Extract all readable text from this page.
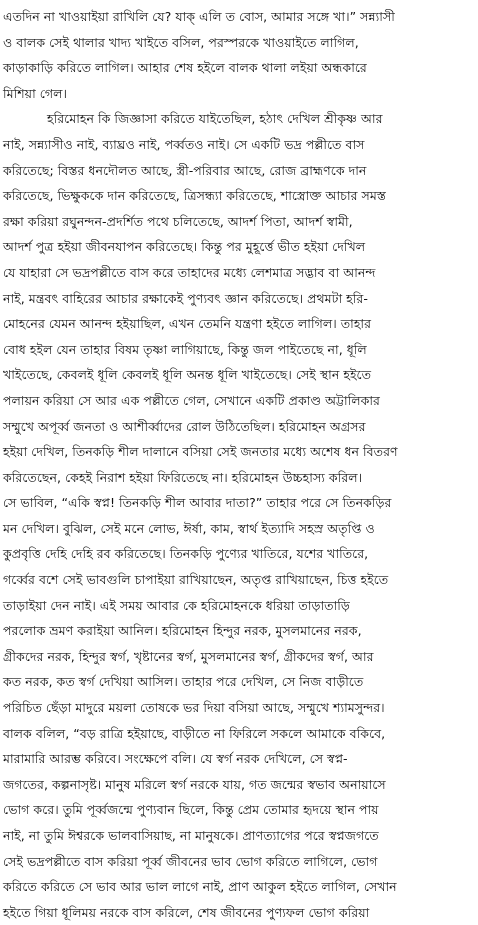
এতদিন না খাওয়াইয়া রাখিলি যে? যাক্ এলি ত বোস, আমার সঙ্গে খা।” সন্ন্যাসী
ও বালক সেই থালার খাদ্য খাইতে বসিল, পরস্পরকে খাওয়াইতে লাগিল,
কাড়াকাড়ি করিতে লাগিল। আহার শেষ হইলে বালক থালা লইয়া অন্ধকারে
মিশিয়া গেল।
হরিমোহন কি জিজ্ঞাসা করিতে যাইতেছিল, হঠাৎ দেখিল শ্রীকৃষ্ণ আর
নাই, সন্ন্যাসীও নাই, ব্যাঘ্রও নাই, পর্ব্বতও নাই। সে একটি ভদ্র পল্লীতে বাস
করিতেছে; বিস্তর ধনদৌলত আছে, স্ত্রী-পরিবার আছে, রোজ ব্রাহ্মণকে দান
করিতেছে, ভিক্ষুককে দান করিতেছে, ত্রিসন্ধ্যা করিতেছে, শাস্ত্রোক্ত আচার সমস্ত
রক্ষা করিয়া রঘুনন্দন-প্রদর্শিত পথে চলিতেছে, আদর্শ পিতা, আদর্শ স্বামী,
আদর্শ পুত্র হইয়া জীবনযাপন করিতেছে। কিন্তু পর মুহূর্ত্তে ভীত হইয়া দেখিল
যে যাহারা সে ভদ্রপল্লীতে বাস করে তাহাদের মধ্যে লেশমাত্র সদ্ভাব বা আনন্দ
নাই, মন্ত্রবৎ বাহিরের আচার রক্ষাকেই পুণ্যবৎ জ্ঞান করিতেছে। প্রথমটা হরি-
মোহনের যেমন আনন্দ হইয়াছিল, এখন তেমনি যন্ত্রণা হইতে লাগিল। তাহার
বোধ হইল যেন তাহার বিষম তৃষ্ণা লাগিয়াছে, কিন্তু জল পাইতেছে না, ধূলি
খাইতেছে, কেবলই ধূলি কেবলই ধূলি অনন্ত ধূলি খাইতেছে। সেই স্থান হইতে
পলায়ন করিয়া সে আর এক পল্লীতে গেল, সেখানে একটি প্রকাণ্ড অট্টালিকার
সম্মুখে অপূর্ব্ব জনতা ও আশীর্ব্বাদের রোল উঠিতেছিল। হরিমোহন অগ্রসর
হইয়া দেখিল, তিনকড়ি শীল দালানে বসিয়া সেই জনতার মধ্যে অশেষ ধন বিতরণ
করিতেছেন, কেহই নিরাশ হইয়া ফিরিতেছে না। হরিমোহন উচ্চহাস্য করিল।
সে ভাবিল, “একি স্বপ্ন! তিনকড়ি শীল আবার দাতা?” তাহার পরে সে তিনকড়ির
মন দেখিল। বুঝিল, সেই মনে লোভ, ঈর্ষা, কাম, স্বার্থ ইত্যাদি সহস্র অতৃপ্তি ও
কুপ্রবৃত্তি দেহি দেহি রব করিতেছে। তিনকড়ি পুণ্যের খাতিরে, যশের খাতিরে,
গর্ব্বের বশে সেই ভাবগুলি চাপাইয়া রাখিয়াছেন, অতৃপ্ত রাখিয়াছেন, চিত্ত হইতে
তাড়াইয়া দেন নাই। এই সময় আবার কে হরিমোহনকে ধরিয়া তাড়াতাড়ি
পরলোক ভ্রমণ করাইয়া আনিল। হরিমোহন হিন্দুর নরক, মুসলমানের নরক,
গ্রীকদের নরক, হিন্দুর স্বর্গ, খৃষ্টানের স্বর্গ, মুসলমানের স্বর্গ, গ্রীকদের স্বর্গ, আর
কত নরক, কত স্বর্গ দেখিয়া আসিল। তাহার পরে দেখিল, সে নিজ বাড়ীতে
পরিচিত ছেঁড়া মাদুরে ময়লা তোষকে ভর দিয়া বসিয়া আছে, সম্মুখে শ্যামসুন্দর।
বালক বলিল, “বড় রাত্রি হইয়াছে, বাড়ীতে না ফিরিলে সকলে আমাকে বকিবে,
মারামারি আরম্ভ করিবে। সংক্ষেপে বলি। যে স্বর্গ নরক দেখিলে, সে স্বপ্ন-
জগতের, কল্পনাসৃষ্ট। মানুষ মরিলে স্বর্গ নরকে যায়, গত জন্মের স্বভাব অনায়াসে
ভোগ করে। তুমি পূর্ব্বজন্মে পুণ্যবান ছিলে, কিন্তু প্রেম তোমার হৃদয়ে স্থান পায়
নাই, না তুমি ঈশ্বরকে ভালবাসিয়াছ, না মানুষকে। প্রাণত্যাগের পরে স্বপ্নজগতে
সেই ভদ্রপল্লীতে বাস করিয়া পূর্ব্ব জীবনের ভাব ভোগ করিতে লাগিলে, ভোগ
করিতে করিতে সে ভাব আর ভাল লাগে নাই, প্রাণ আকুল হইতে লাগিল, সেখান
হইতে গিয়া ধূলিময় নরকে বাস করিলে, শেষ জীবনের পুণ্যফল ভোগ করিয়া
